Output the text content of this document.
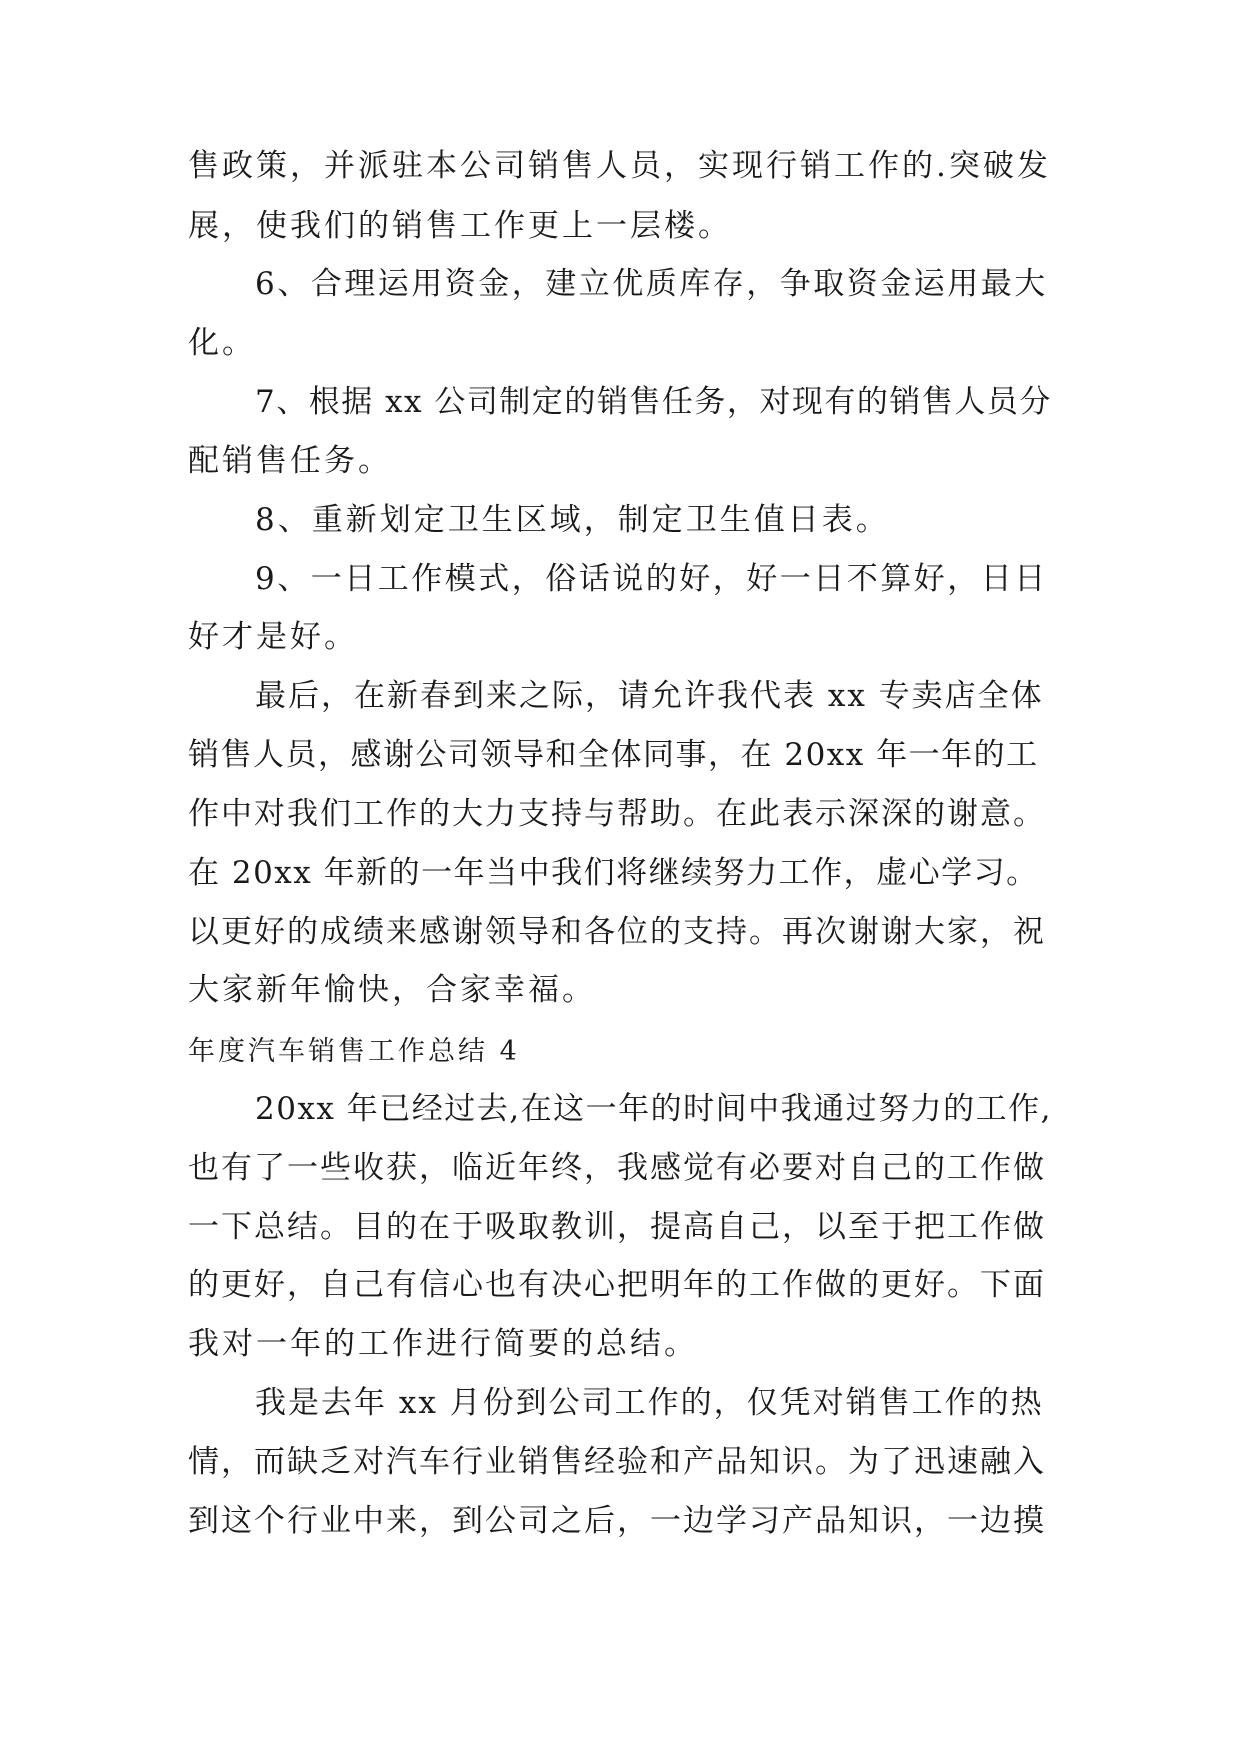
售政策，并派驻本公司销售人员，实现行销工作的.突破发
展，使我们的销售工作更上一层楼。
6、合理运用资金，建立优质库存，争取资金运用最大
化。
7、根据 xx 公司制定的销售任务，对现有的销售人员分
配销售任务。
8、重新划定卫生区域，制定卫生值日表。
9、一日工作模式，俗话说的好，好一日不算好，日日
好才是好。
最后，在新春到来之际，请允许我代表 xx 专卖店全体
销售人员，感谢公司领导和全体同事，在 20xx 年一年的工
作中对我们工作的大力支持与帮助。在此表示深深的谢意。
在 20xx 年新的一年当中我们将继续努力工作，虚心学习。
以更好的成绩来感谢领导和各位的支持。再次谢谢大家，祝
大家新年愉快，合家幸福。
年度汽车销售工作总结 4
20xx 年已经过去,在这一年的时间中我通过努力的工作,
也有了一些收获，临近年终，我感觉有必要对自己的工作做
一下总结。目的在于吸取教训，提高自己，以至于把工作做
的更好，自己有信心也有决心把明年的工作做的更好。下面
我对一年的工作进行简要的总结。
我是去年 xx 月份到公司工作的，仅凭对销售工作的热
情，而缺乏对汽车行业销售经验和产品知识。为了迅速融入
到这个行业中来，到公司之后，一边学习产品知识，一边摸
